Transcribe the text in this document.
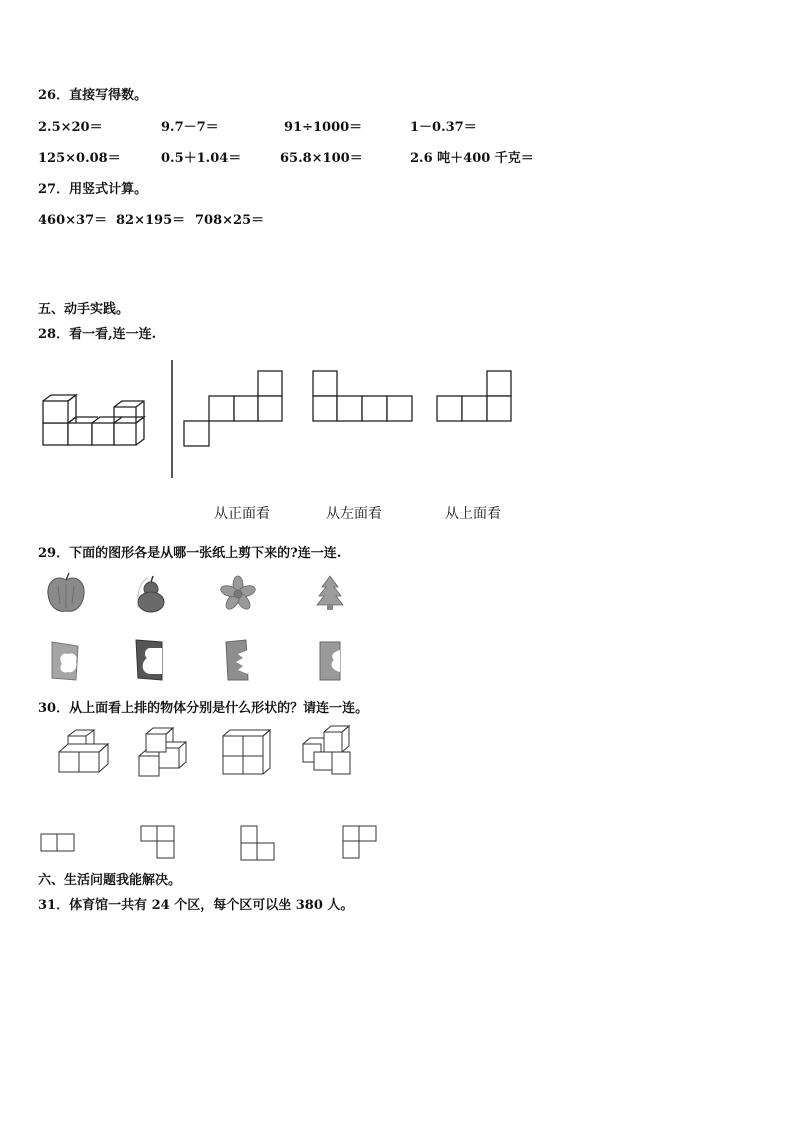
26．直接写得数。
2.5×20＝	9.7－7＝	91÷1000＝	1－0.37＝
125×0.08＝	0.5＋1.04＝	65.8×100＝	2.6 吨＋400 千克＝
27．用竖式计算。
460×37＝ 82×195＝ 708×25＝
五、动手实践。
28．看一看,连一连.
从正面看	从左面看	从上面看
29．下面的图形各是从哪一张纸上剪下来的?连一连.
30．从上面看上排的物体分别是什么形状的？请连一连。
六、生活问题我能解决。
31．体育馆一共有 24 个区，每个区可以坐 380 人。
